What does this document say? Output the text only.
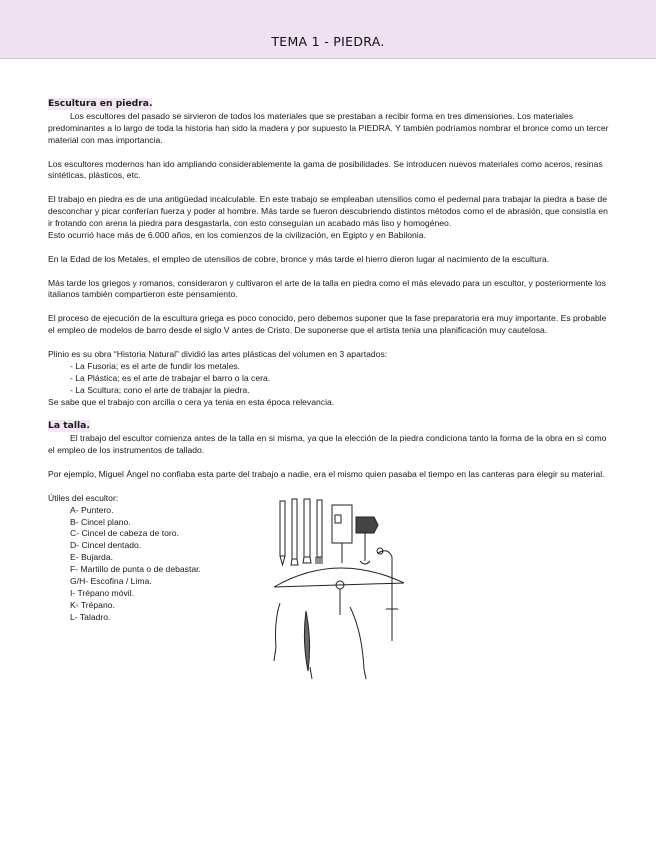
TEMA 1 - PIEDRA.
Escultura en piedra.

Los escultores del pasado se sirvieron de todos los materiales que se prestaban a recibir forma en tres dimensiones. Los materiales predominantes a lo largo de toda la historia han sido la madera y por supuesto la PIEDRA. Y también podríamos nombrar el bronce como un tercer material con mas importancia.

Los escultores modernos han ido ampliando considerablemente la gama de posibilidades. Se introducen nuevos materiales como aceros, resinas sintéticas, plásticos, etc.

El trabajo en piedra es de una antigüedad incalculable. En este trabajo se empleaban utensilios como el pedernal para trabajar la piedra a base de desconchar y picar conferían fuerza y poder al hombre. Más tarde se fueron descubriendo distintos métodos como el de abrasión, que consistía en ir frotando con arena la piedra para desgastarla, con esto conseguían un acabado más liso y homogéneo.

Esto ocurrió hace más de 6.000 años, en los comienzos de la civilización, en Egipto y en Babilonia.

En la Edad de los Metales, el empleo de utensilios de cobre, bronce y más tarde el hierro dieron lugar al nacimiento de la escultura.

Más tarde los griegos y romanos, consideraron y cultivaron el arte de la talla en piedra como el más elevado para un escultor, y posteriormente los italianos también compartieron este pensamiento.

El proceso de ejecución de la escultura griega es poco conocido, pero debemos suponer que la fase preparatoria era muy importante. Es probable el empleo de modelos de barro desde el siglo V antes de Cristo. De suponerse que el artista tenia una planificación muy cautelosa.

Plinio es su obra “Historia Natural” dividió las artes plásticas del volumen en 3 apartados:
- La Fusoria; es el arte de fundir los metales.
- La Plástica; es el arte de trabajar el barro o la cera.
- La Scultura; cono el arte de trabajar la piedra.
Se sabe que el trabajo con arcilla o cera ya tenia en esta época relevancia.
La talla.

El trabajo del escultor comienza antes de la talla en si misma, ya que la elección de la piedra condiciona tanto la forma de la obra en si como el empleo de los instrumentos de tallado.

Por ejemplo, Miguel Ángel no confiaba esta parte del trabajo a nadie, era el mismo quien pasaba el tiempo en las canteras para elegir su material.

Útiles del escultor:
A- Puntero.
B- Cincel plano.
C- Cincel de cabeza de toro.
D- Cincel dentado.
E- Bujarda.
F- Martillo de punta o de debastar.
G/H- Escofina / Lima.
I- Trépano móvil.
K- Trépano.
L- Taladro.
